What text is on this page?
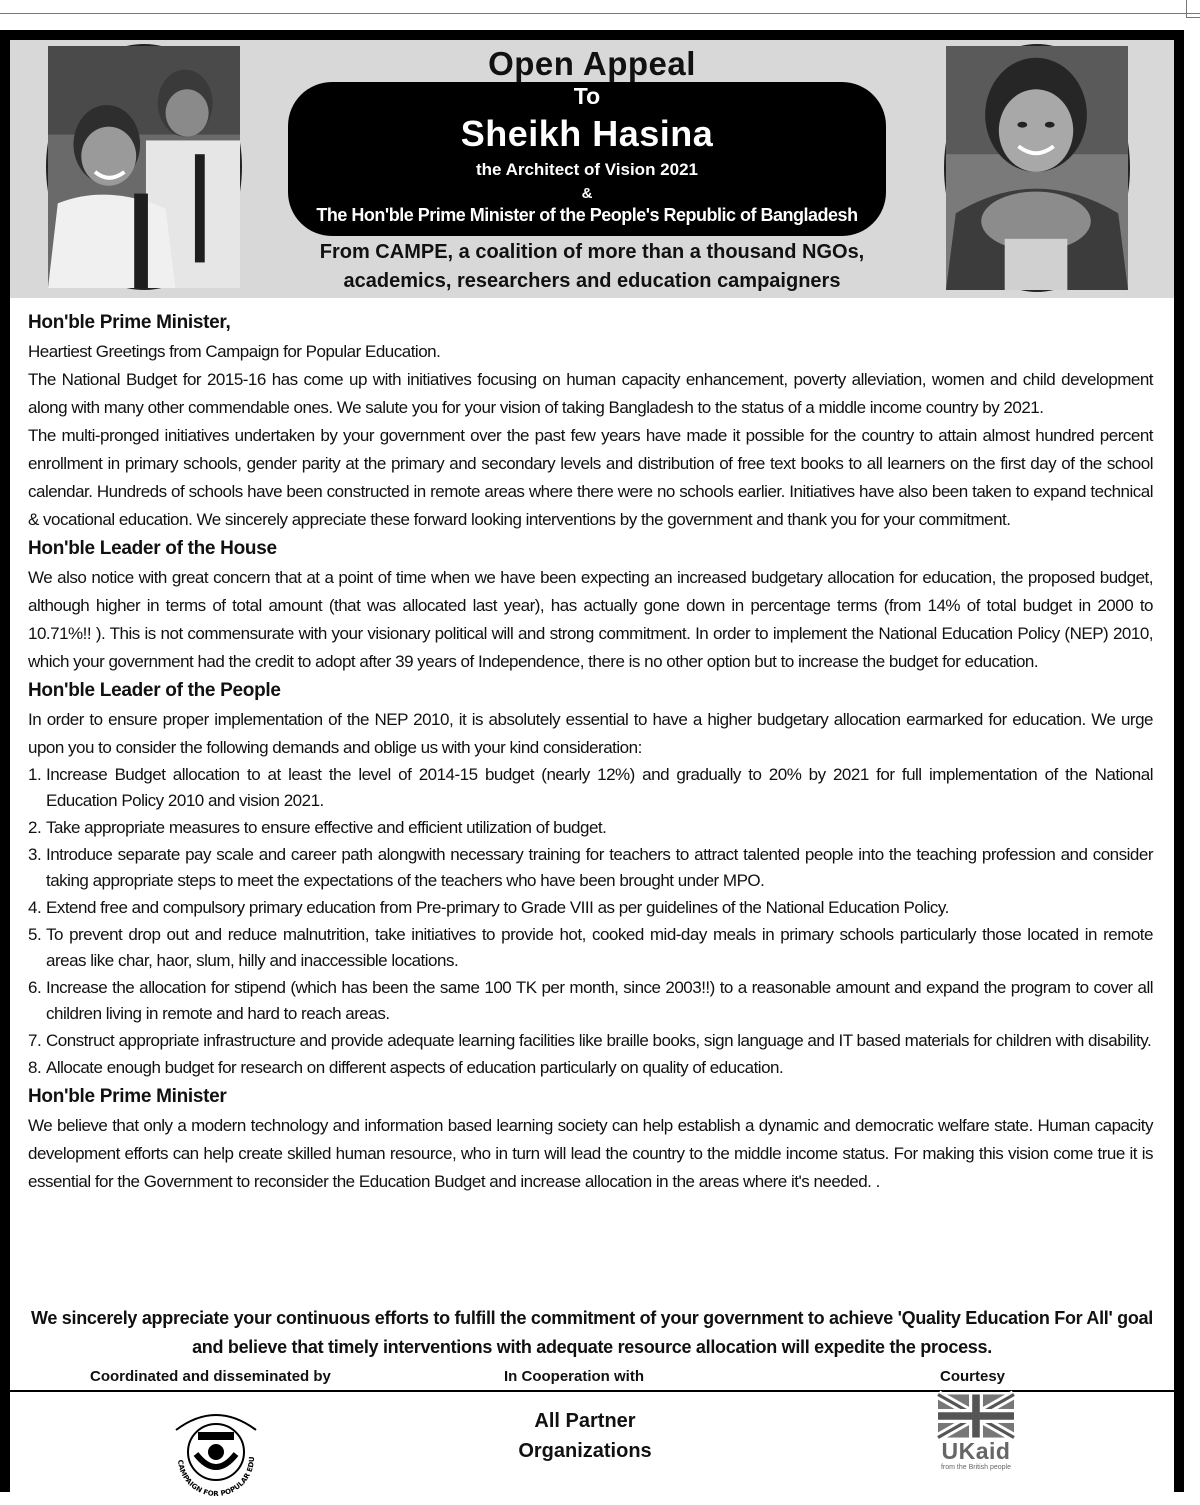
Open Appeal
To
Sheikh Hasina
the Architect of Vision 2021
&
The Hon'ble Prime Minister of the People's Republic of Bangladesh
From CAMPE, a coalition of more than a thousand NGOs,
academics, researchers and education campaigners
Hon'ble Prime Minister,

Heartiest Greetings from Campaign for Popular Education.

The National Budget for 2015-16 has come up with initiatives focusing on human capacity enhancement, poverty alleviation, women and child development along with many other commendable ones. We salute you for your vision of taking Bangladesh to the status of a middle income country by 2021.

The multi-pronged initiatives undertaken by your government over the past few years have made it possible for the country to attain almost hundred percent enrollment in primary schools, gender parity at the primary and secondary levels and distribution of free text books to all learners on the first day of the school calendar. Hundreds of schools have been constructed in remote areas where there were no schools earlier. Initiatives have also been taken to expand technical & vocational education. We sincerely appreciate these forward looking interventions by the government and thank you for your commitment.

Hon'ble Leader of the House

We also notice with great concern that at a point of time when we have been expecting an increased budgetary allocation for education, the proposed budget, although higher in terms of total amount (that was allocated last year), has actually gone down in percentage terms (from 14% of total budget in 2000 to 10.71%!! ). This is not commensurate with your visionary political will and strong commitment. In order to implement the National Education Policy (NEP) 2010, which your government had the credit to adopt after 39 years of Independence, there is no other option but to increase the budget for education.

Hon'ble Leader of the People

In order to ensure proper implementation of the NEP 2010, it is absolutely essential to have a higher budgetary allocation earmarked for education. We urge upon you to consider the following demands and oblige us with your kind consideration:

1. Increase Budget allocation to at least the level of 2014-15 budget (nearly 12%) and gradually to 20% by 2021 for full implementation of the National Education Policy 2010 and vision 2021.
2. Take appropriate measures to ensure effective and efficient utilization of budget.
3. Introduce separate pay scale and career path alongwith necessary training for teachers to attract talented people into the teaching profession and consider taking appropriate steps to meet the expectations of the teachers who have been brought under MPO.
4. Extend free and compulsory primary education from Pre-primary to Grade VIII as per guidelines of the National Education Policy.
5. To prevent drop out and reduce malnutrition, take initiatives to provide hot, cooked mid-day meals in primary schools particularly those located in remote areas like char, haor, slum, hilly and inaccessible locations.
6. Increase the allocation for stipend (which has been the same 100 TK per month, since 2003!!) to a reasonable amount and expand the program to cover all children living in remote and hard to reach areas.
7. Construct appropriate infrastructure and provide adequate learning facilities like braille books, sign language and IT based materials for children with disability.
8. Allocate enough budget for research on different aspects of education particularly on quality of education.
Hon'ble Prime Minister

We believe that only a modern technology and information based learning society can help establish a dynamic and democratic welfare state. Human capacity development efforts can help create skilled human resource, who in turn will lead the country to the middle income status. For making this vision come true it is essential for the Government to reconsider the Education Budget and increase allocation in the areas where it's needed. .

We sincerely appreciate your continuous efforts to fulfill the commitment of your government to achieve 'Quality Education For All' goal
and believe that timely interventions with adequate resource allocation will expedite the process.
Coordinated and disseminated by	In Cooperation with	Courtesy
CAMPAIGN FOR POPULAR EDU
All Partner
Organizations	UKaid
from the British people
